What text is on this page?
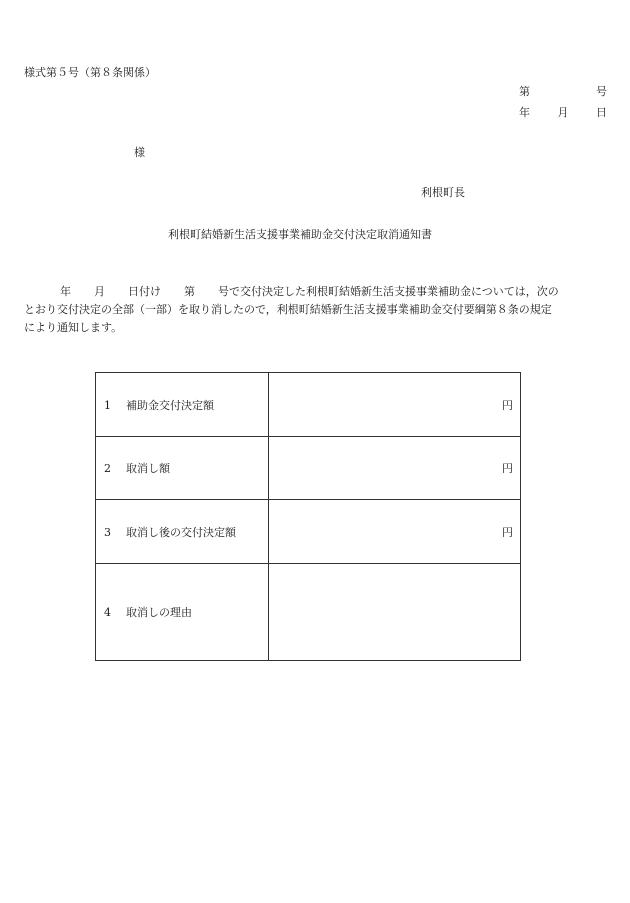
様式第５号（第８条関係）
第	号
年	月	日
様
利根町長
利根町結婚新生活支援事業補助金交付決定取消通知書

年 月 日付け 第 号で交付決定した利根町結婚新生活支援事業補助金については，次の

とおり交付決定の全部（一部）を取り消したので，利根町結婚新生活支援事業補助金交付要綱第８条の規定

により通知します。

1 補助金交付決定額	円
2 取消し額	円
3 取消し後の交付決定額	円
4 取消しの理由	
